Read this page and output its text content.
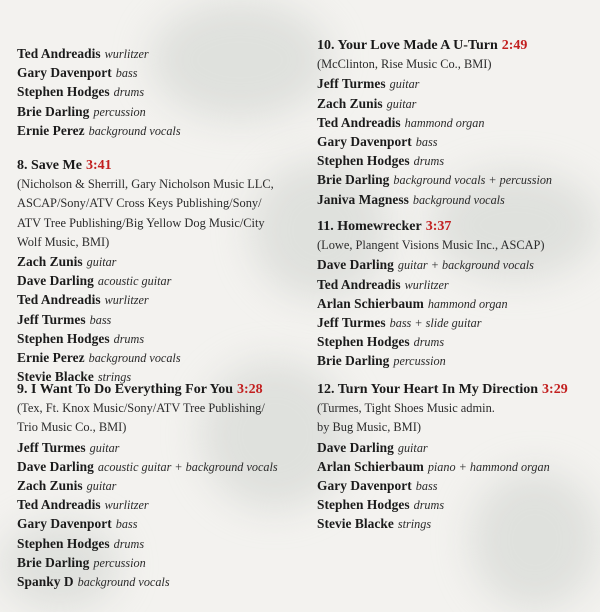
Ted Andreadis wurlitzer
Gary Davenport bass
Stephen Hodges drums
Brie Darling percussion
Ernie Perez background vocals
8. Save Me 3:41
(Nicholson & Sherrill, Gary Nicholson Music LLC,
ASCAP/Sony/ATV Cross Keys Publishing/Sony/
ATV Tree Publishing/Big Yellow Dog Music/City
Wolf Music, BMI)
Zach Zunis guitar
Dave Darling acoustic guitar
Ted Andreadis wurlitzer
Jeff Turmes bass
Stephen Hodges drums
Ernie Perez background vocals
Stevie Blacke strings
9. I Want To Do Everything For You 3:28
(Tex, Ft. Knox Music/Sony/ATV Tree Publishing/
Trio Music Co., BMI)
Jeff Turmes guitar
Dave Darling acoustic guitar + background vocals
Zach Zunis guitar
Ted Andreadis wurlitzer
Gary Davenport bass
Stephen Hodges drums
Brie Darling percussion
Spanky D background vocals
10. Your Love Made A U-Turn 2:49
(McClinton, Rise Music Co., BMI)
Jeff Turmes guitar
Zach Zunis guitar
Ted Andreadis hammond organ
Gary Davenport bass
Stephen Hodges drums
Brie Darling background vocals + percussion
Janiva Magness background vocals
11. Homewrecker 3:37
(Lowe, Plangent Visions Music Inc., ASCAP)
Dave Darling guitar + background vocals
Ted Andreadis wurlitzer
Arlan Schierbaum hammond organ
Jeff Turmes bass + slide guitar
Stephen Hodges drums
Brie Darling percussion
12. Turn Your Heart In My Direction 3:29
(Turmes, Tight Shoes Music admin.
by Bug Music, BMI)
Dave Darling guitar
Arlan Schierbaum piano + hammond organ
Gary Davenport bass
Stephen Hodges drums
Stevie Blacke strings
